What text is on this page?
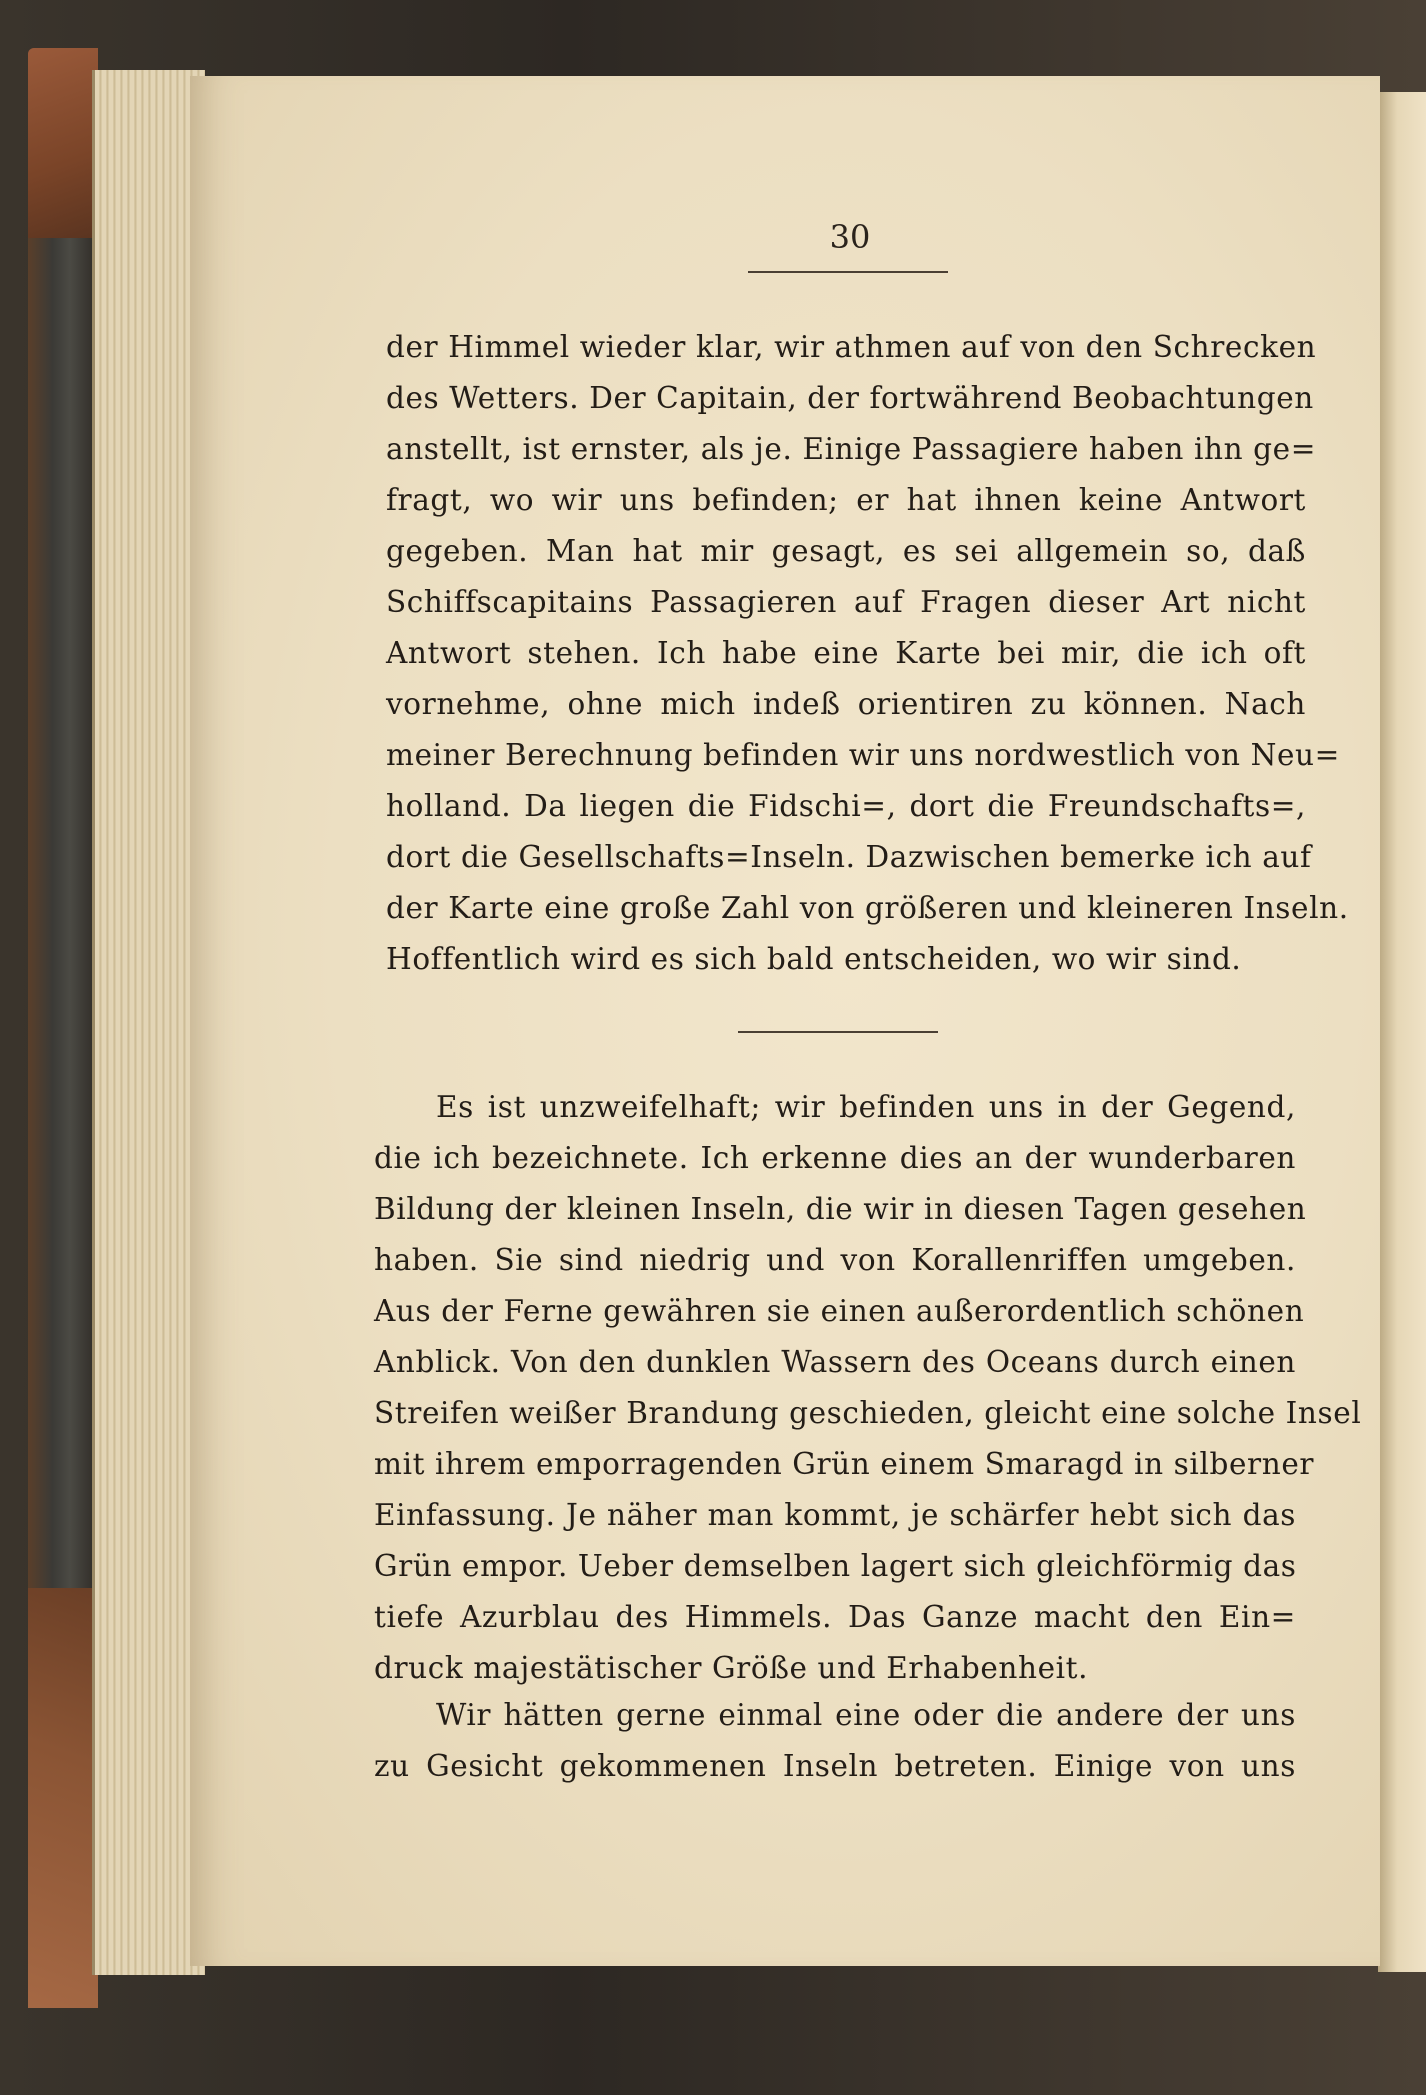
30
der Himmel wieder klar, wir athmen auf von den Schrecken
des Wetters. Der Capitain, der fortwährend Beobachtungen
anstellt, ist ernster, als je. Einige Passagiere haben ihn ge=
fragt, wo wir uns befinden; er hat ihnen keine Antwort
gegeben. Man hat mir gesagt, es sei allgemein so, daß
Schiffscapitains Passagieren auf Fragen dieser Art nicht
Antwort stehen. Ich habe eine Karte bei mir, die ich oft
vornehme, ohne mich indeß orientiren zu können. Nach
meiner Berechnung befinden wir uns nordwestlich von Neu=
holland. Da liegen die Fidschi=, dort die Freundschafts=,
dort die Gesellschafts=Inseln. Dazwischen bemerke ich auf
der Karte eine große Zahl von größeren und kleineren Inseln.
Hoffentlich wird es sich bald entscheiden, wo wir sind.
Es ist unzweifelhaft; wir befinden uns in der Gegend,
die ich bezeichnete. Ich erkenne dies an der wunderbaren
Bildung der kleinen Inseln, die wir in diesen Tagen gesehen
haben. Sie sind niedrig und von Korallenriffen umgeben.
Aus der Ferne gewähren sie einen außerordentlich schönen
Anblick. Von den dunklen Wassern des Oceans durch einen
Streifen weißer Brandung geschieden, gleicht eine solche Insel
mit ihrem emporragenden Grün einem Smaragd in silberner
Einfassung. Je näher man kommt, je schärfer hebt sich das
Grün empor. Ueber demselben lagert sich gleichförmig das
tiefe Azurblau des Himmels. Das Ganze macht den Ein=
druck majestätischer Größe und Erhabenheit.
Wir hätten gerne einmal eine oder die andere der uns
zu Gesicht gekommenen Inseln betreten. Einige von uns
